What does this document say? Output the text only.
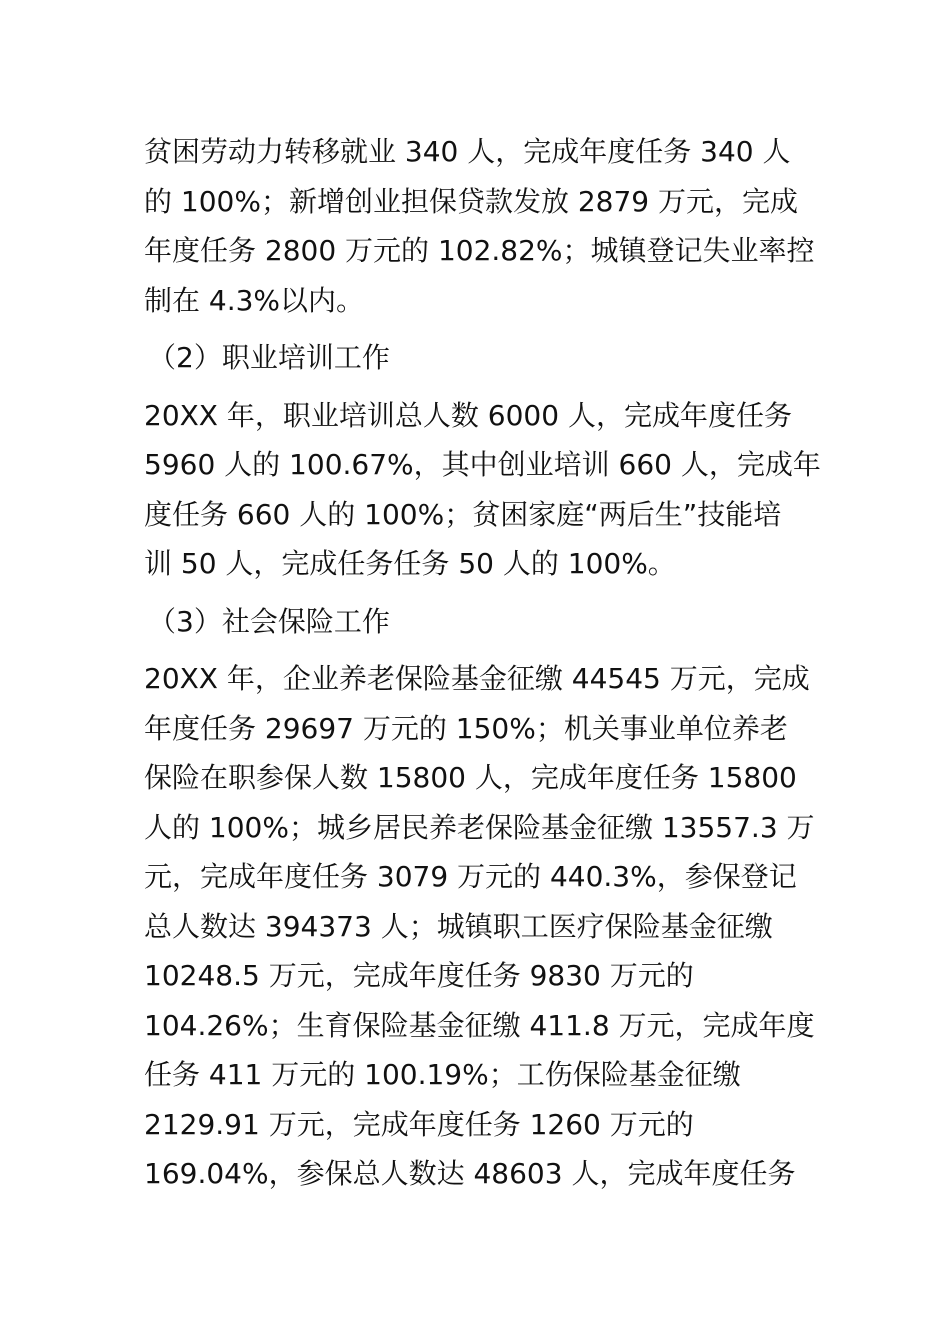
贫困劳动力转移就业 340 人，完成年度任务 340 人
的 100%；新增创业担保贷款发放 2879 万元，完成
年度任务 2800 万元的 102.82%；城镇登记失业率控
制在 4.3%以内。
（2）职业培训工作
20XX 年，职业培训总人数 6000 人，完成年度任务
5960 人的 100.67%，其中创业培训 660 人，完成年
度任务 660 人的 100%；贫困家庭“两后生”技能培
训 50 人，完成任务任务 50 人的 100%。
（3）社会保险工作
20XX 年，企业养老保险基金征缴 44545 万元，完成
年度任务 29697 万元的 150%；机关事业单位养老
保险在职参保人数 15800 人，完成年度任务 15800
人的 100%；城乡居民养老保险基金征缴 13557.3 万
元，完成年度任务 3079 万元的 440.3%，参保登记
总人数达 394373 人；城镇职工医疗保险基金征缴
10248.5 万元，完成年度任务 9830 万元的
104.26%；生育保险基金征缴 411.8 万元，完成年度
任务 411 万元的 100.19%；工伤保险基金征缴
2129.91 万元，完成年度任务 1260 万元的
169.04%，参保总人数达 48603 人，完成年度任务
